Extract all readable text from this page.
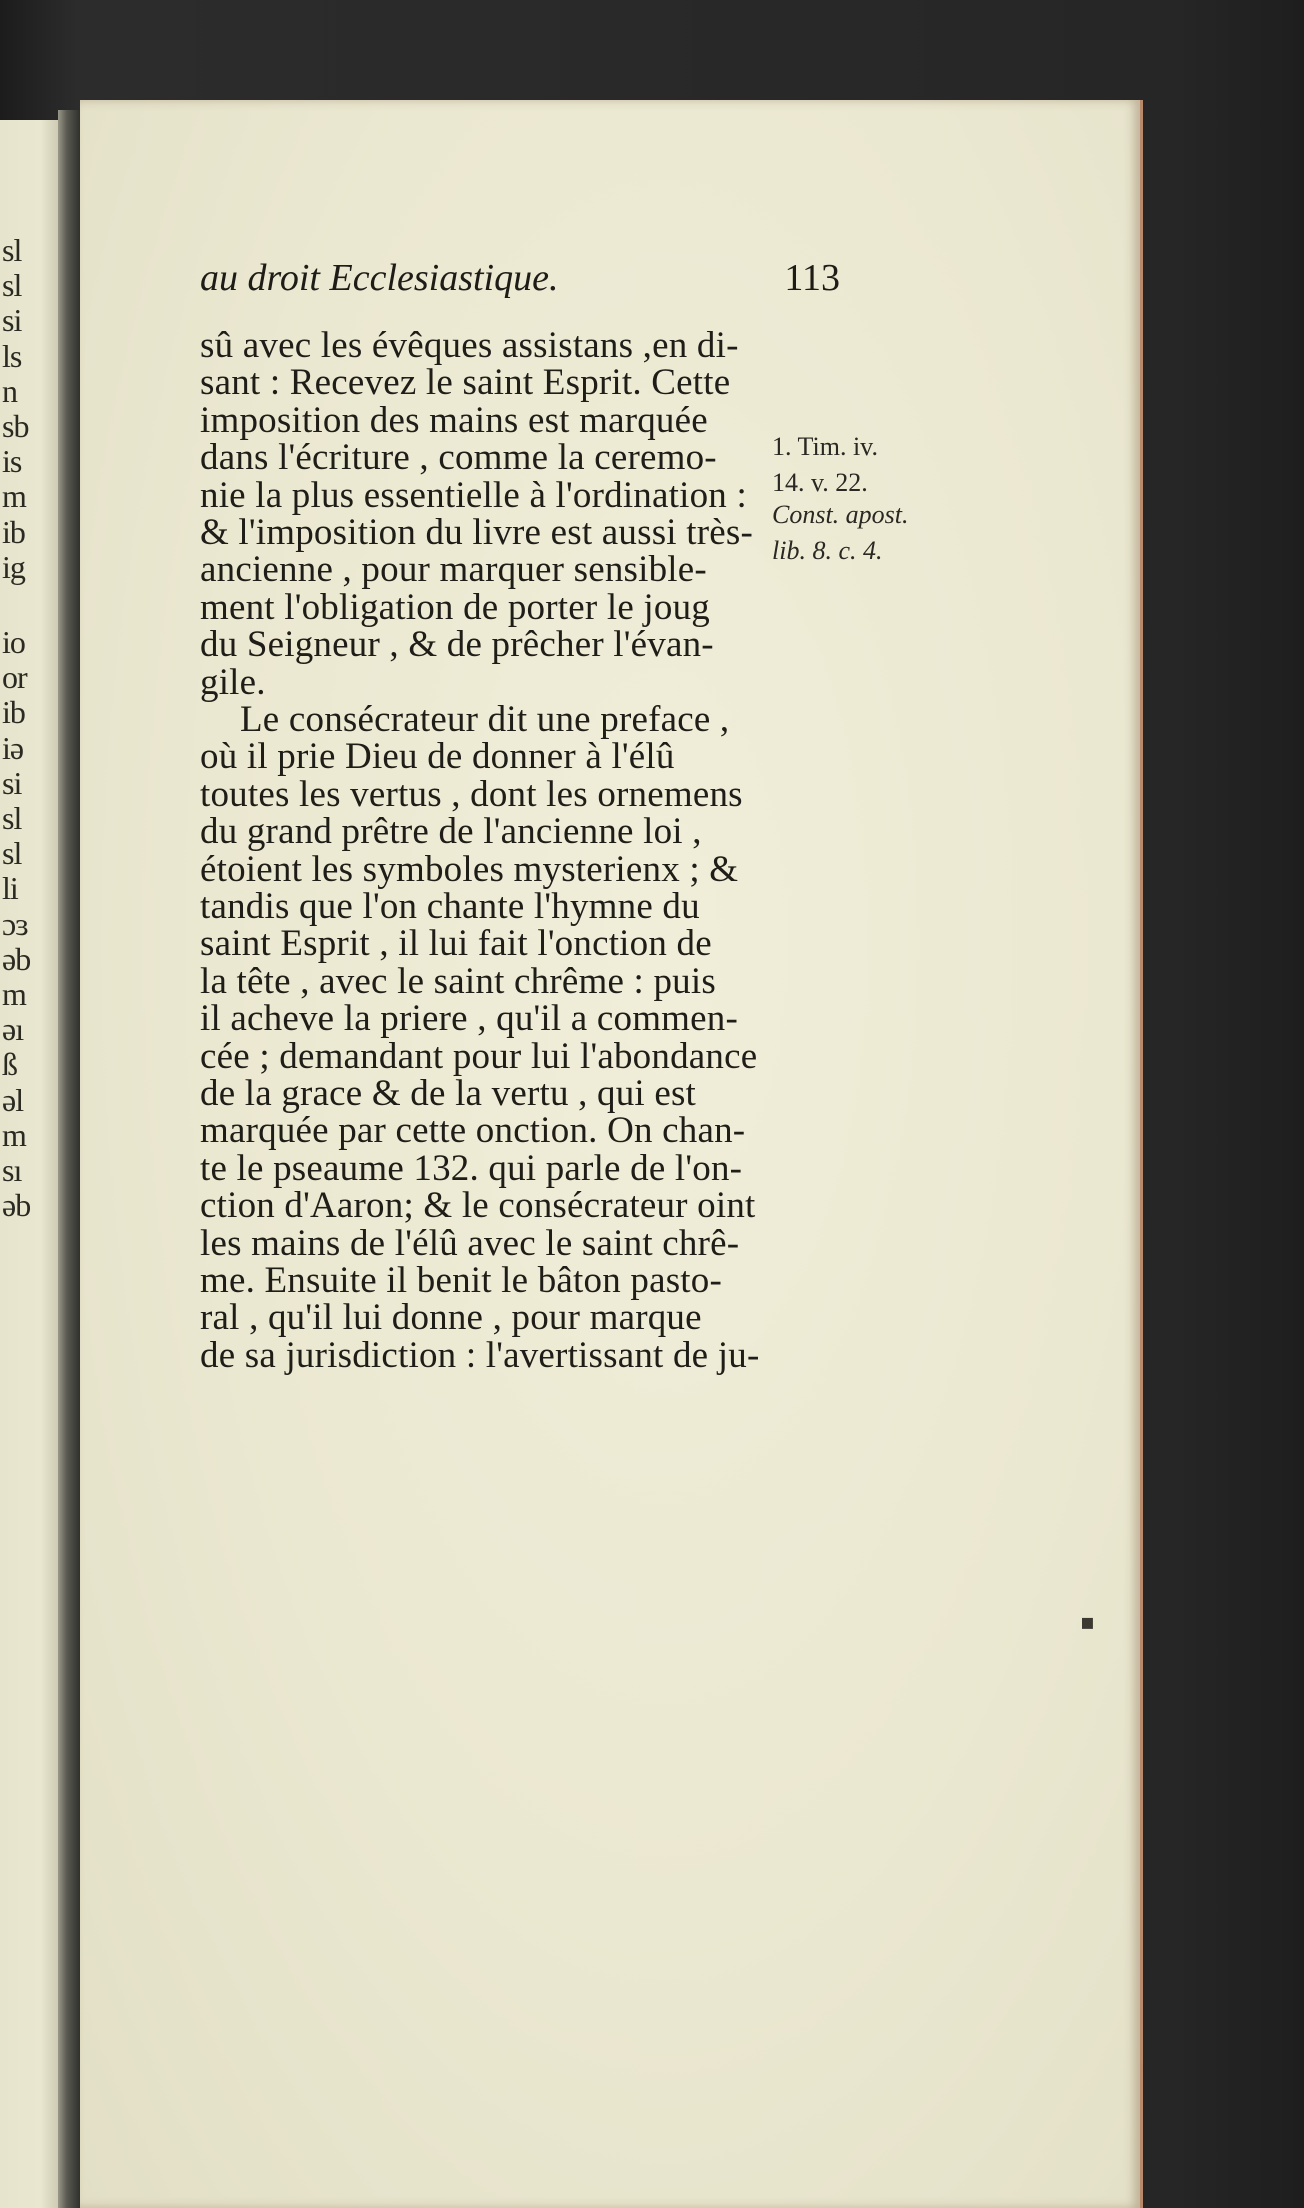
sl
sl
si
ls
n
sb
is
m
ib
ig
io
or
ib
iə
si
sl
sl
li
ɔɜ
əb
m
əı
ß
əl
m
sı
əb
au droit Ecclesiastique.	113
sû avec les évêques assistans ,en di-
sant : Recevez le saint Esprit. Cette
imposition des mains est marquée
dans l'écriture , comme la ceremo-
nie la plus essentielle à l'ordination :
& l'imposition du livre est aussi très-
ancienne , pour marquer sensible-
ment l'obligation de porter le joug
du Seigneur , & de prêcher l'évan-
gile.
Le consécrateur dit une preface ,
où il prie Dieu de donner à l'élû
toutes les vertus , dont les ornemens
du grand prêtre de l'ancienne loi ,
étoient les symboles mysterienx ; &
tandis que l'on chante l'hymne du
saint Esprit , il lui fait l'onction de
la tête , avec le saint chrême : puis
il acheve la priere , qu'il a commen-
cée ; demandant pour lui l'abondance
de la grace & de la vertu , qui est
marquée par cette onction. On chan-
te le pseaume 132. qui parle de l'on-
ction d'Aaron; & le consécrateur oint
les mains de l'élû avec le saint chrê-
me. Ensuite il benit le bâton pasto-
ral , qu'il lui donne , pour marque
de sa jurisdiction : l'avertissant de ju-
1. Tim. iv.
14. v. 22.
Const. apost.
lib. 8. c. 4.
▪
